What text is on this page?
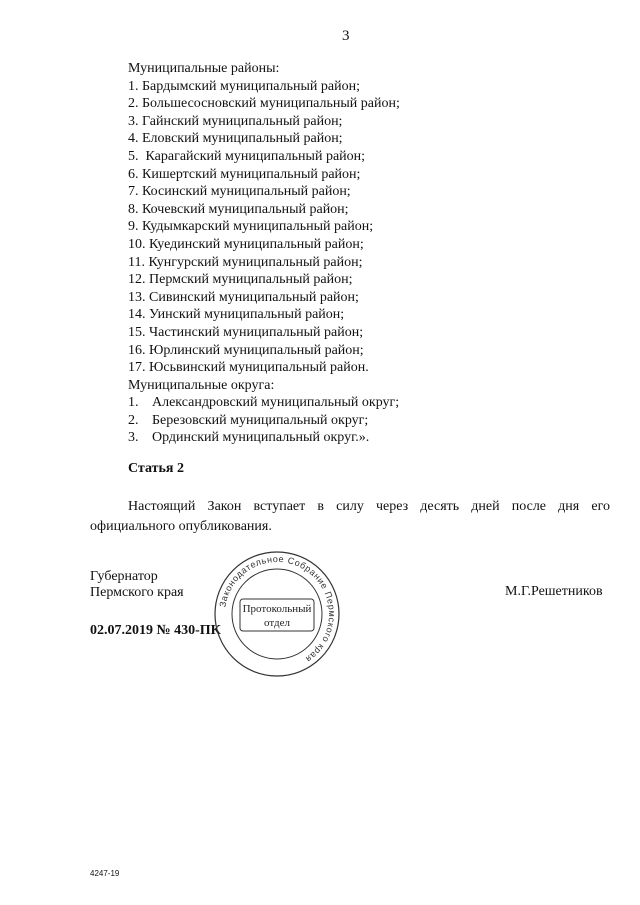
3
Муниципальные районы:
1.
Бардымский муниципальный район;
2.
Большесосновский муниципальный район;
3.
Гайнский муниципальный район;
4.
Еловский муниципальный район;
5.
Карагайский муниципальный район;
6.
Кишертский муниципальный район;
7.
Косинский муниципальный район;
8.
Кочевский муниципальный район;
9.
Кудымкарский муниципальный район;
10.
Куединский муниципальный район;
11.
Кунгурский муниципальный район;
12.
Пермский муниципальный район;
13.
Сивинский муниципальный район;
14.
Уинский муниципальный район;
15.
Частинский муниципальный район;
16.
Юрлинский муниципальный район;
17.
Юсьвинский муниципальный район.
Муниципальные округа:
1. Александровский муниципальный округ;
2. Березовский муниципальный округ;
3. Ординский муниципальный округ.».
Статья 2
Настоящий Закон вступает в силу через десять дней после дня его официального опубликования.
Губернатор
Пермского края	М.Г.Решетников
02.07.2019 № 430-ПК
Законодательное Собрание Пермского края
Протокольный
отдел
4247-19
